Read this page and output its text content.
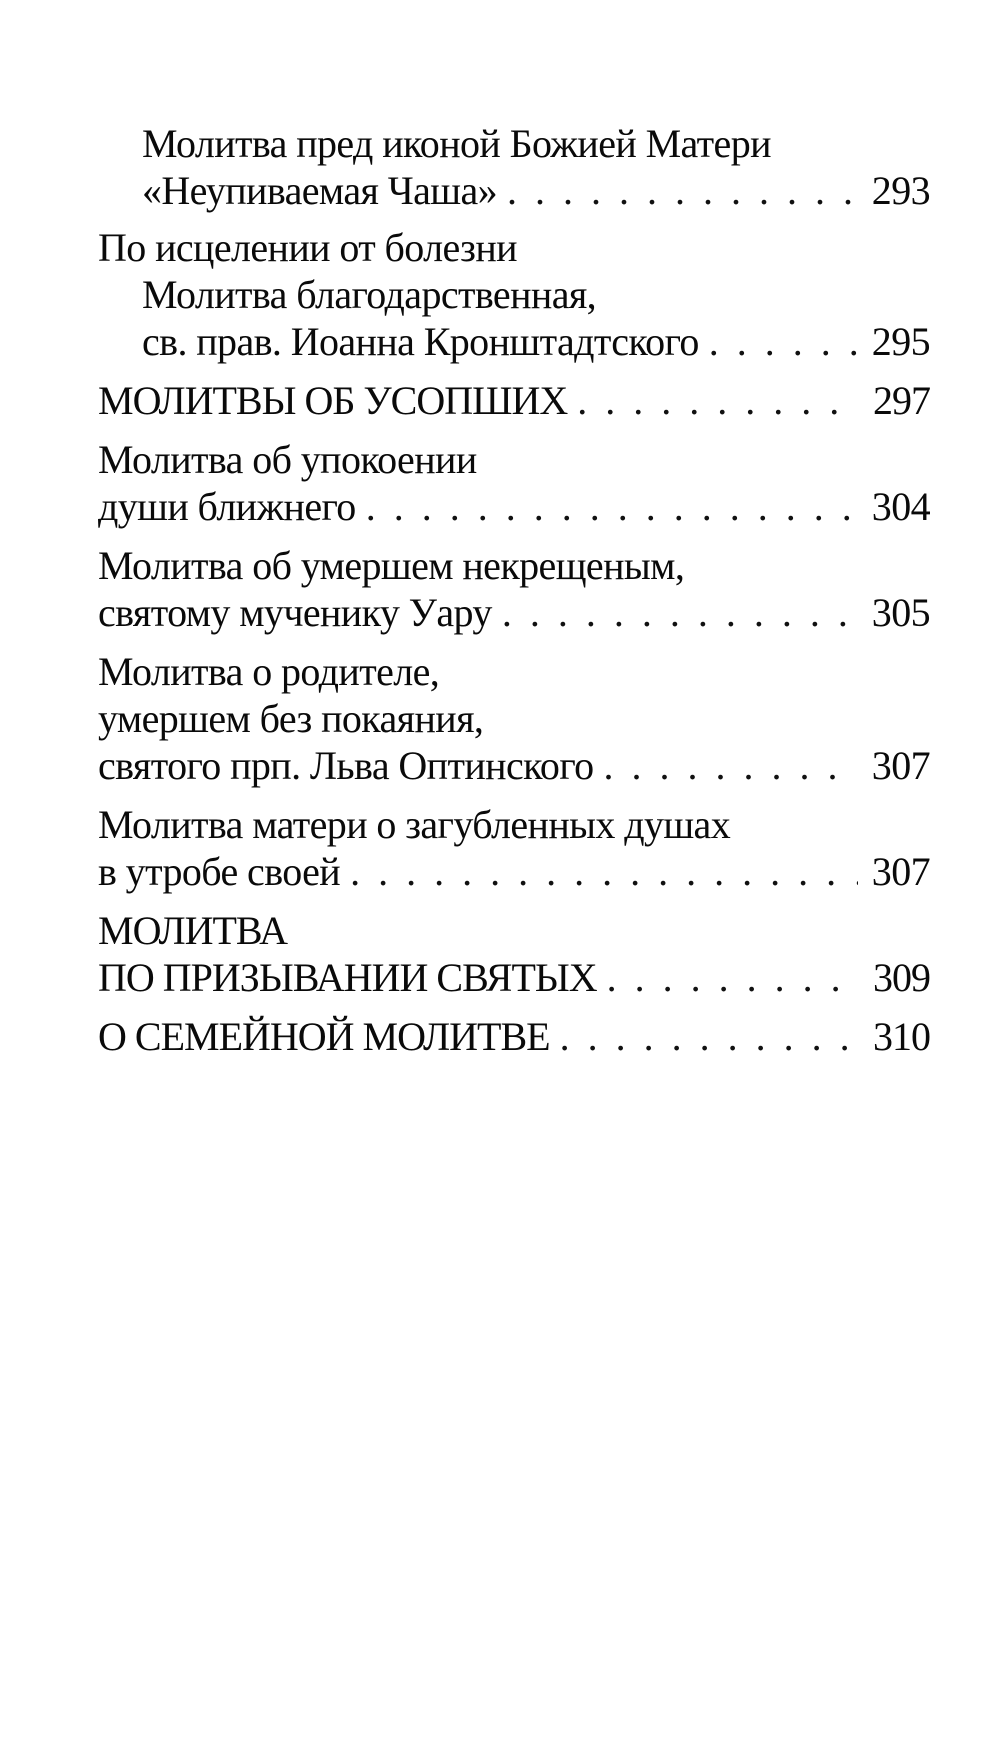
Молитва пред иконой Божией Матери
«Неупиваемая Чаша» . . .	293
По исцелении от болезни
Молитва благодарственная,
св. прав. Иоанна Кронштадтского . . .	295
МОЛИТВЫ ОБ УСОПШИХ . . .	297
Молитва об упокоении
души ближнего . . .	304
Молитва об умершем некрещеным,
святому мученику Уару . . .	305
Молитва о родителе,
умершем без покаяния,
святого прп. Льва Оптинского . . .	307
Молитва матери о загубленных душах
в утробе своей . . .	307
МОЛИТВА
ПО ПРИЗЫВАНИИ СВЯТЫХ . . .	309
О СЕМЕЙНОЙ МОЛИТВЕ . . .	310
